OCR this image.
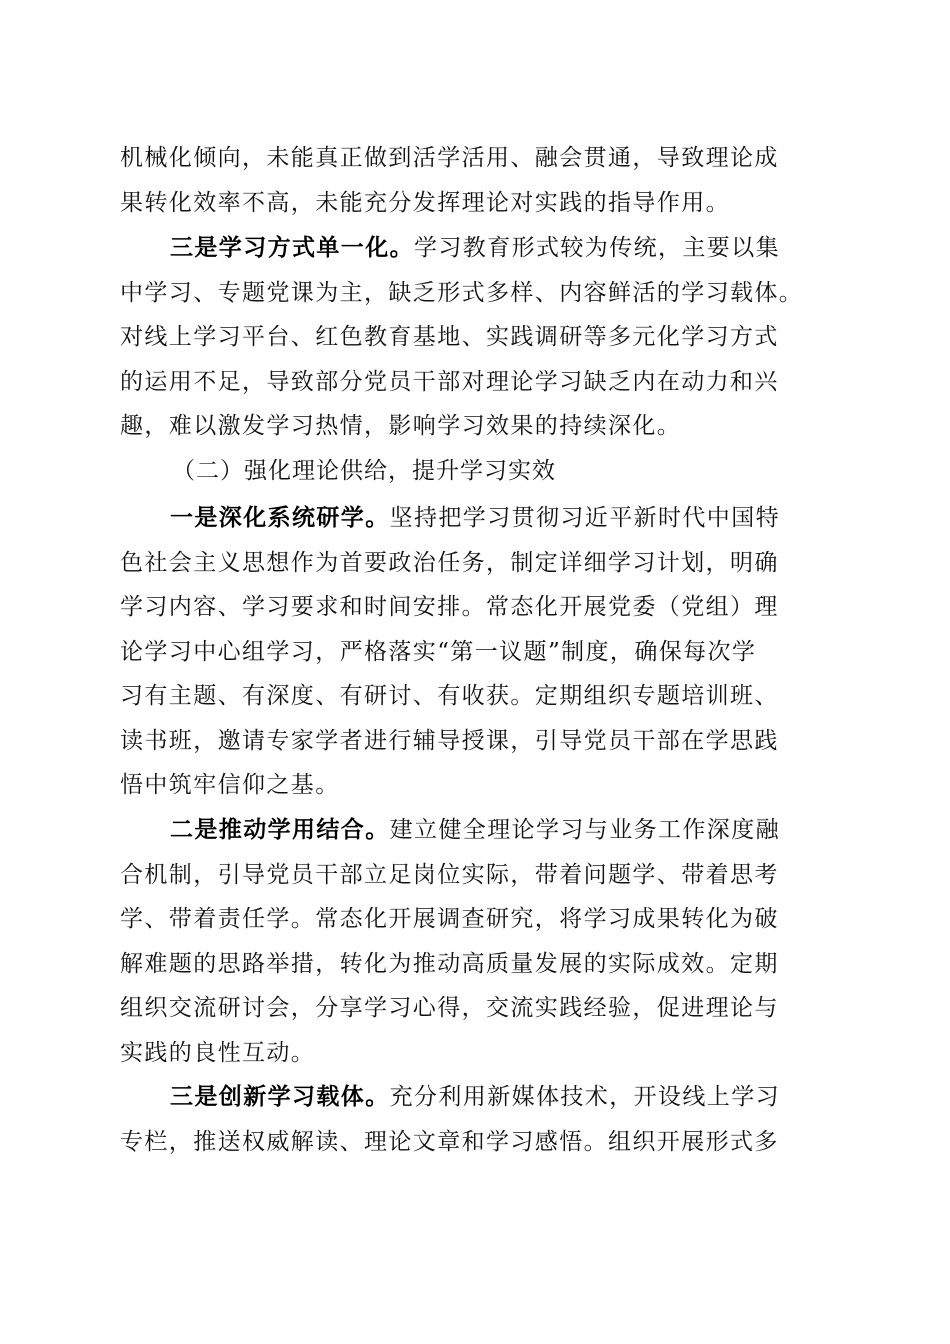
机械化倾向，未能真正做到活学活用、融会贯通，导致理论成
果转化效率不高，未能充分发挥理论对实践的指导作用。
三是学习方式单一化。学习教育形式较为传统，主要以集
中学习、专题党课为主，缺乏形式多样、内容鲜活的学习载体。
对线上学习平台、红色教育基地、实践调研等多元化学习方式
的运用不足，导致部分党员干部对理论学习缺乏内在动力和兴
趣，难以激发学习热情，影响学习效果的持续深化。
（二）强化理论供给，提升学习实效
一是深化系统研学。坚持把学习贯彻习近平新时代中国特
色社会主义思想作为首要政治任务，制定详细学习计划，明确
学习内容、学习要求和时间安排。常态化开展党委（党组）理
论学习中心组学习，严格落实“第一议题”制度，确保每次学
习有主题、有深度、有研讨、有收获。定期组织专题培训班、
读书班，邀请专家学者进行辅导授课，引导党员干部在学思践
悟中筑牢信仰之基。
二是推动学用结合。建立健全理论学习与业务工作深度融
合机制，引导党员干部立足岗位实际，带着问题学、带着思考
学、带着责任学。常态化开展调查研究，将学习成果转化为破
解难题的思路举措，转化为推动高质量发展的实际成效。定期
组织交流研讨会，分享学习心得，交流实践经验，促进理论与
实践的良性互动。
三是创新学习载体。充分利用新媒体技术，开设线上学习
专栏，推送权威解读、理论文章和学习感悟。组织开展形式多
